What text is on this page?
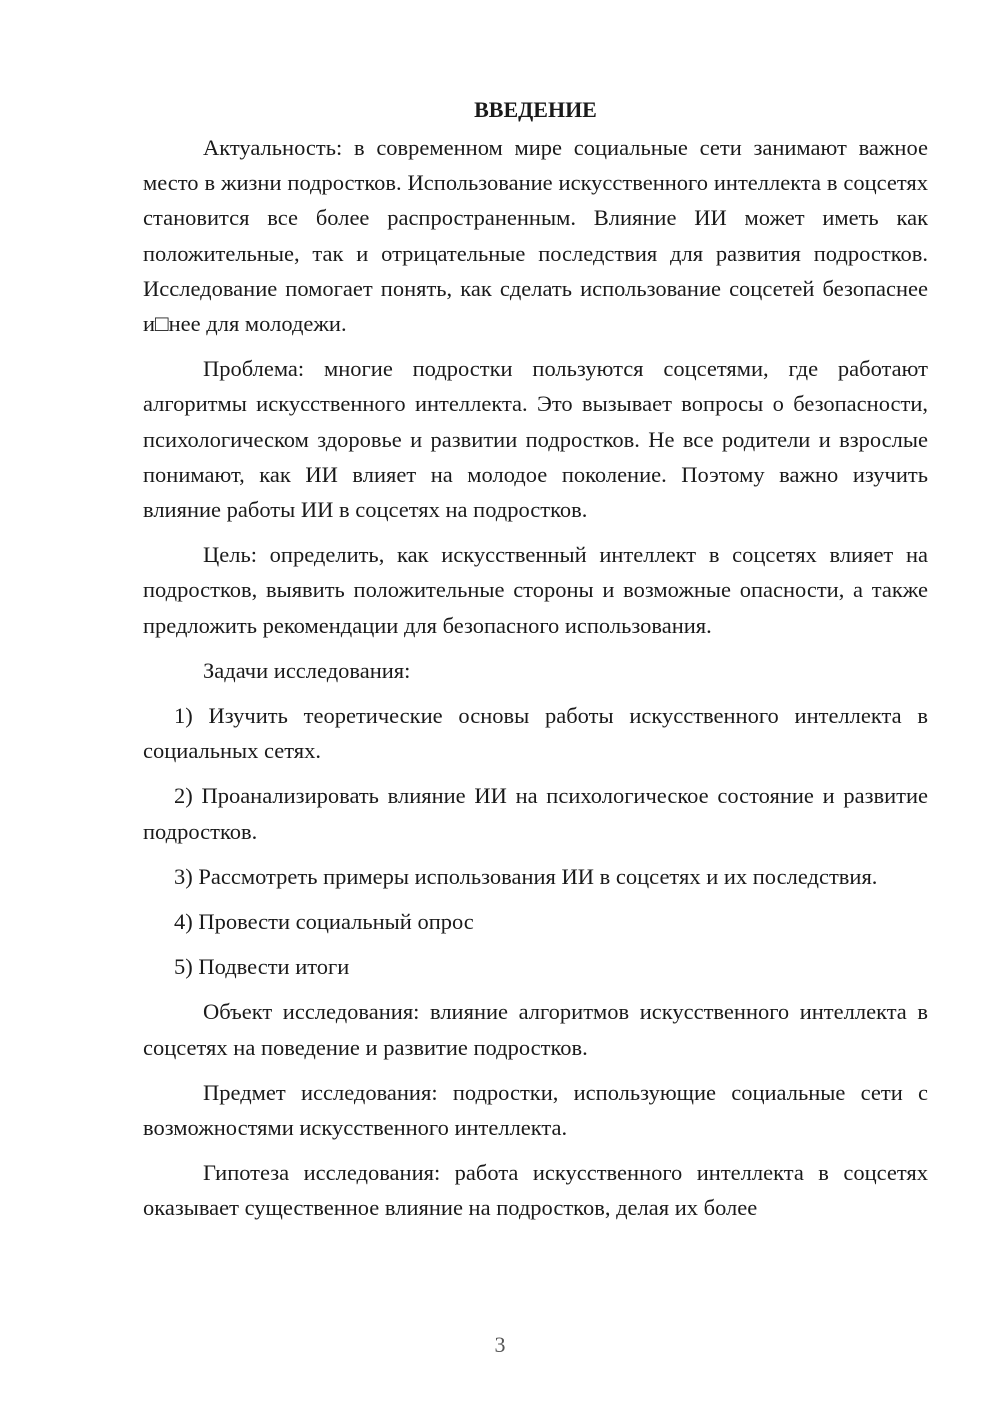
ВВЕДЕНИЕ

Актуальность: в современном мире социальные сети занимают важное место в жизни подростков. Использование искусственного интеллекта в соцсетях становится все более распространенным. Влияние ИИ может иметь как положительные, так и отрицательные последствия для развития подростков. Исследование помогает понять, как сделать использование соцсетей безопаснее и□нее для молодежи.

Проблема: многие подростки пользуются соцсетями, где работают алгоритмы искусственного интеллекта. Это вызывает вопросы о безопасности, психологическом здоровье и развитии подростков. Не все родители и взрослые понимают, как ИИ влияет на молодое поколение. Поэтому важно изучить влияние работы ИИ в соцсетях на подростков.

Цель: определить, как искусственный интеллект в соцсетях влияет на подростков, выявить положительные стороны и возможные опасности, а также предложить рекомендации для безопасного использования.

Задачи исследования:

1) Изучить теоретические основы работы искусственного интеллекта в социальных сетях.

2) Проанализировать влияние ИИ на психологическое состояние и развитие подростков.

3) Рассмотреть примеры использования ИИ в соцсетях и их последствия.

4) Провести социальный опрос

5) Подвести итоги

Объект исследования: влияние алгоритмов искусственного интеллекта в соцсетях на поведение и развитие подростков.

Предмет исследования: подростки, использующие социальные сети с возможностями искусственного интеллекта.

Гипотеза исследования: работа искусственного интеллекта в соцсетях оказывает существенное влияние на подростков, делая их более

3
